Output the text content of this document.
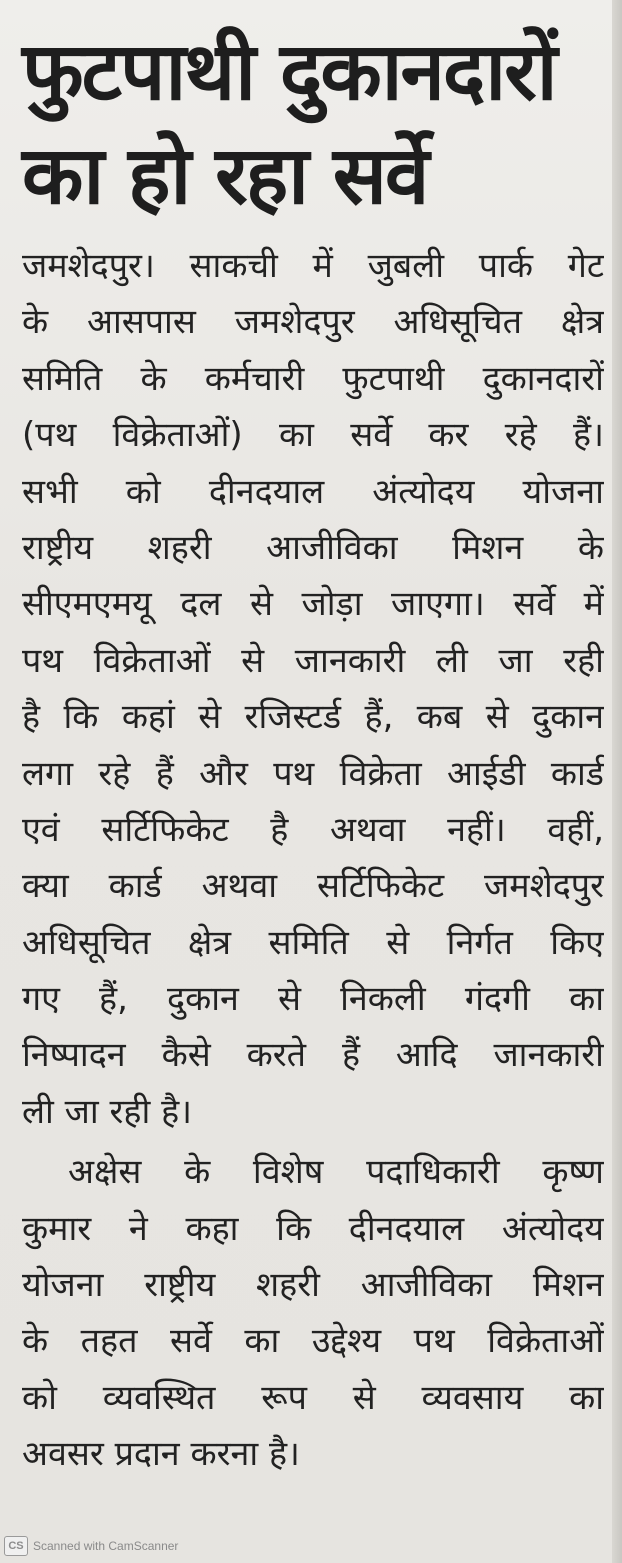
फुटपाथी दुकानदारों
का हो रहा सर्वे
जमशेदपुर। साकची में जुबली पार्क गेट
के आसपास जमशेदपुर अधिसूचित क्षेत्र
समिति के कर्मचारी फुटपाथी दुकानदारों
(पथ विक्रेताओं) का सर्वे कर रहे हैं।
सभी को दीनदयाल अंत्योदय योजना
राष्ट्रीय शहरी आजीविका मिशन के
सीएमएमयू दल से जोड़ा जाएगा। सर्वे में
पथ विक्रेताओं से जानकारी ली जा रही
है कि कहां से रजिस्टर्ड हैं, कब से दुकान
लगा रहे हैं और पथ विक्रेता आईडी कार्ड
एवं सर्टिफिकेट है अथवा नहीं। वहीं,
क्या कार्ड अथवा सर्टिफिकेट जमशेदपुर
अधिसूचित क्षेत्र समिति से निर्गत किए
गए हैं, दुकान से निकली गंदगी का
निष्पादन कैसे करते हैं आदि जानकारी
ली जा रही है।
अक्षेस के विशेष पदाधिकारी कृष्ण
कुमार ने कहा कि दीनदयाल अंत्योदय
योजना राष्ट्रीय शहरी आजीविका मिशन
के तहत सर्वे का उद्देश्य पथ विक्रेताओं
को व्यवस्थित रूप से व्यवसाय का
अवसर प्रदान करना है।
CS Scanned with CamScanner
